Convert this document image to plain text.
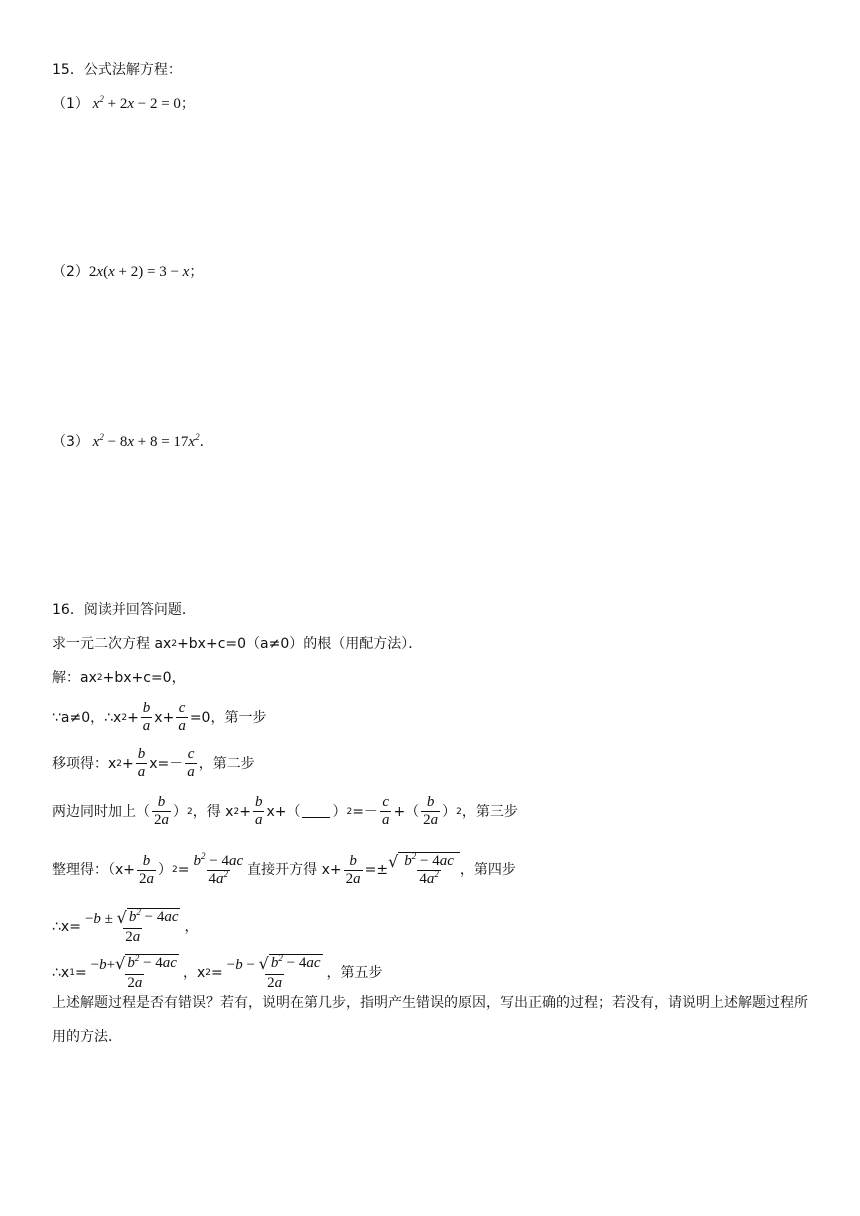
15．公式法解方程：
（1） $x^2 + 2x - 2 = 0$ ；
（2） 2x(x + 2) = 3 − x ；
（3） $x^2 - 8x + 8 = 17x^2$ ．
16．阅读并回答问题．
求一元二次方程 ax 2 +bx+c=0（a≠0）的根（用配方法）．
解：ax 2 +bx+c=0，
∵a≠0，∴x $2 + \frac{b}{a} x+ \frac{c}{a} =0$，第一步
移项得：x $2 + \frac{b}{a} x=- \frac{c}{a}$ ，第二步
两边同时加上（ $\frac{b}{2a}$ ） 2 ，得 x $2 + \frac{b}{a} x+$（ ） $2 =- \frac{c}{a}$ +（ $\frac{b}{2a}$ ） 2 ，第三步
整理得：（$x+ \frac{b}{2a}$ ） $2 = \frac{b^2 - 4ac}{4a^2}$ 直接开方得 $x+ \frac{b}{2a}$ =± √ $\frac{b^2 - 4ac}{4a^2}$ ，第四步
∴x= $\frac{-b \pm √ b^2 - 4ac}{2a}$ ，
∴x $1 = \frac{-b+ √ b^2 - 4ac}{2a}$ ，x $2 = \frac{-b - √ b^2 - 4ac}{2a}$ ，第五步
上述解题过程是否有错误？若有，说明在第几步，指明产生错误的原因，写出正确的过程；若没有，请说明上述解题过程所用的方法．
